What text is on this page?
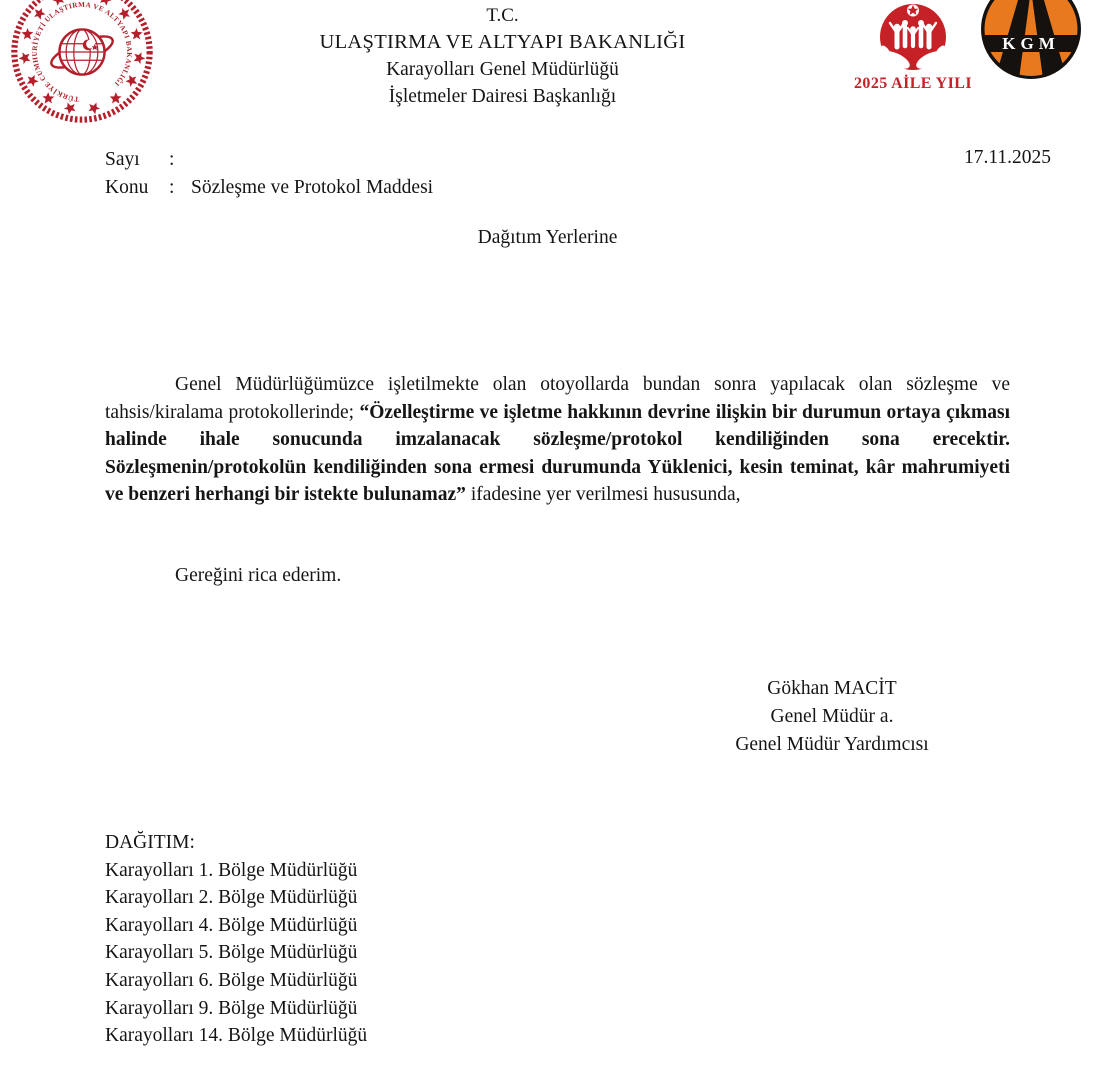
TÜRKİYE CUMHURİYETİ ULAŞTIRMA VE ALTYAPI BAKANLIĞI
T.C.
ULAŞTIRMA VE ALTYAPI BAKANLIĞI
Karayolları Genel Müdürlüğü
İşletmeler Dairesi Başkanlığı
2025 AİLE YILI
KGM
Sayı	:
Konu	: Sözleşme ve Protokol Maddesi
17.11.2025
Dağıtım Yerlerine

Genel Müdürlüğümüzce işletilmekte olan otoyollarda bundan sonra yapılacak olan sözleşme ve tahsis/kiralama protokollerinde; “Özelleştirme ve işletme hakkının devrine ilişkin bir durumun ortaya çıkması halinde ihale sonucunda imzalanacak sözleşme/protokol kendiliğinden sona erecektir. Sözleşmenin/protokolün kendiliğinden sona ermesi durumunda Yüklenici, kesin teminat, kâr mahrumiyeti ve benzeri herhangi bir istekte bulunamaz” ifadesine yer verilmesi hususunda,

Gereğini rica ederim.
Gökhan MACİT
Genel Müdür a.
Genel Müdür Yardımcısı
DAĞITIM:
Karayolları 1. Bölge Müdürlüğü
Karayolları 2. Bölge Müdürlüğü
Karayolları 4. Bölge Müdürlüğü
Karayolları 5. Bölge Müdürlüğü
Karayolları 6. Bölge Müdürlüğü
Karayolları 9. Bölge Müdürlüğü
Karayolları 14. Bölge Müdürlüğü
